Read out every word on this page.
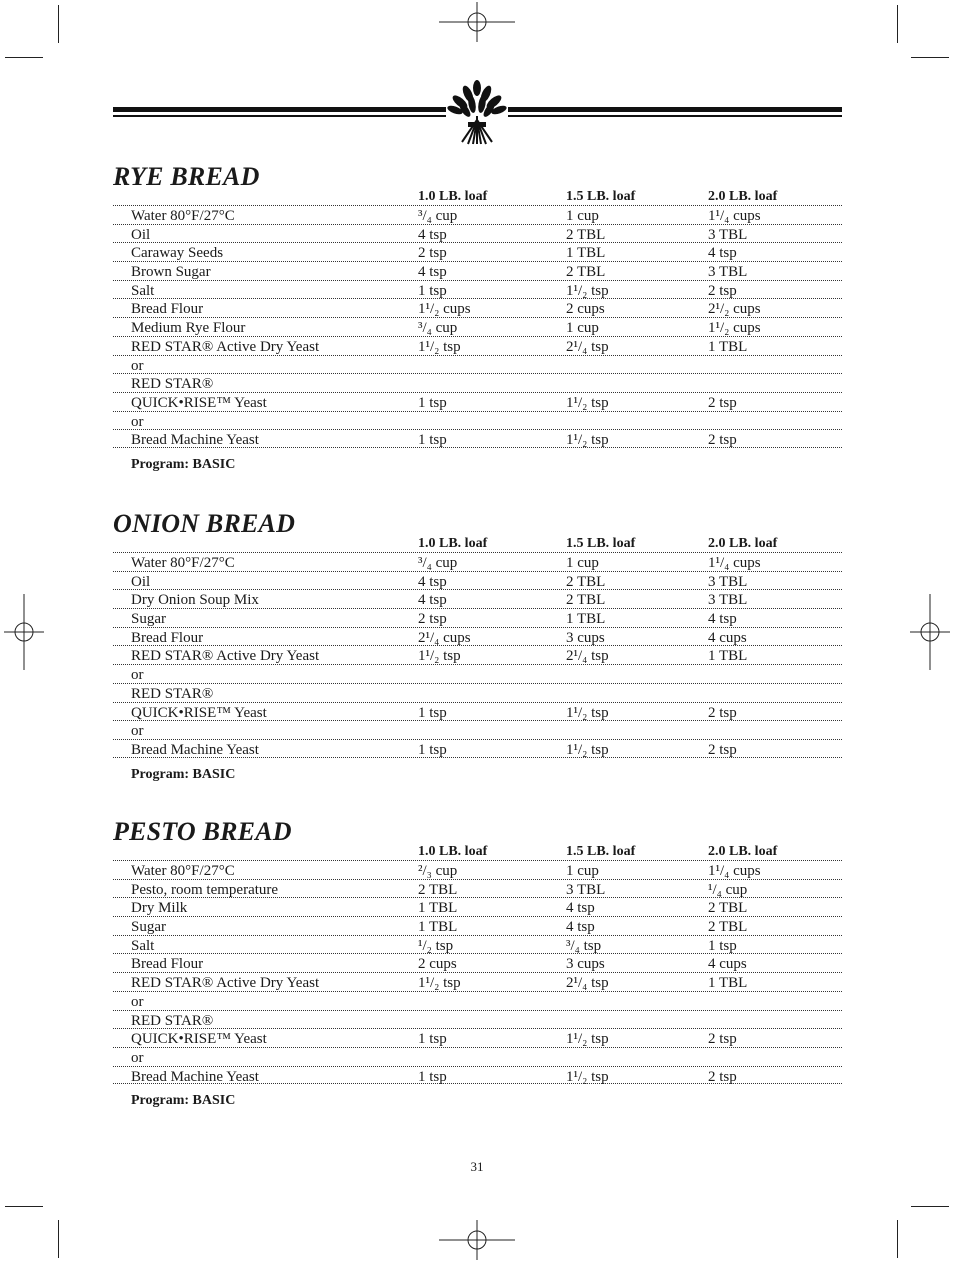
RYE BREAD
1.0 LB. loaf	1.5 LB. loaf	2.0 LB. loaf
Water 80°F/27°C	³/₄ cup	1 cup	1¹/₄ cups
Oil	4 tsp	2 TBL	3 TBL
Caraway Seeds	2 tsp	1 TBL	4 tsp
Brown Sugar	4 tsp	2 TBL	3 TBL
Salt	1 tsp	1¹/₂ tsp	2 tsp
Bread Flour	1¹/₂ cups	2 cups	2¹/₂ cups
Medium Rye Flour	³/₄ cup	1 cup	1¹/₂ cups
RED STAR® Active Dry Yeast	1¹/₂ tsp	2¹/₄ tsp	1 TBL
or
RED STAR®
QUICK•RISE™ Yeast	1 tsp	1¹/₂ tsp	2 tsp
or
Bread Machine Yeast	1 tsp	1¹/₂ tsp	2 tsp
Program: BASIC
ONION BREAD
1.0 LB. loaf	1.5 LB. loaf	2.0 LB. loaf
Water 80°F/27°C	³/₄ cup	1 cup	1¹/₄ cups
Oil	4 tsp	2 TBL	3 TBL
Dry Onion Soup Mix	4 tsp	2 TBL	3 TBL
Sugar	2 tsp	1 TBL	4 tsp
Bread Flour	2¹/₄ cups	3 cups	4 cups
RED STAR® Active Dry Yeast	1¹/₂ tsp	2¹/₄ tsp	1 TBL
or
RED STAR®
QUICK•RISE™ Yeast	1 tsp	1¹/₂ tsp	2 tsp
or
Bread Machine Yeast	1 tsp	1¹/₂ tsp	2 tsp
Program: BASIC
PESTO BREAD
1.0 LB. loaf	1.5 LB. loaf	2.0 LB. loaf
Water 80°F/27°C	²/₃ cup	1 cup	1¹/₄ cups
Pesto, room temperature	2 TBL	3 TBL	¹/₄ cup
Dry Milk	1 TBL	4 tsp	2 TBL
Sugar	1 TBL	4 tsp	2 TBL
Salt	¹/₂ tsp	³/₄ tsp	1 tsp
Bread Flour	2 cups	3 cups	4 cups
RED STAR® Active Dry Yeast	1¹/₂ tsp	2¹/₄ tsp	1 TBL
or
RED STAR®
QUICK•RISE™ Yeast	1 tsp	1¹/₂ tsp	2 tsp
or
Bread Machine Yeast	1 tsp	1¹/₂ tsp	2 tsp
Program: BASIC
31
